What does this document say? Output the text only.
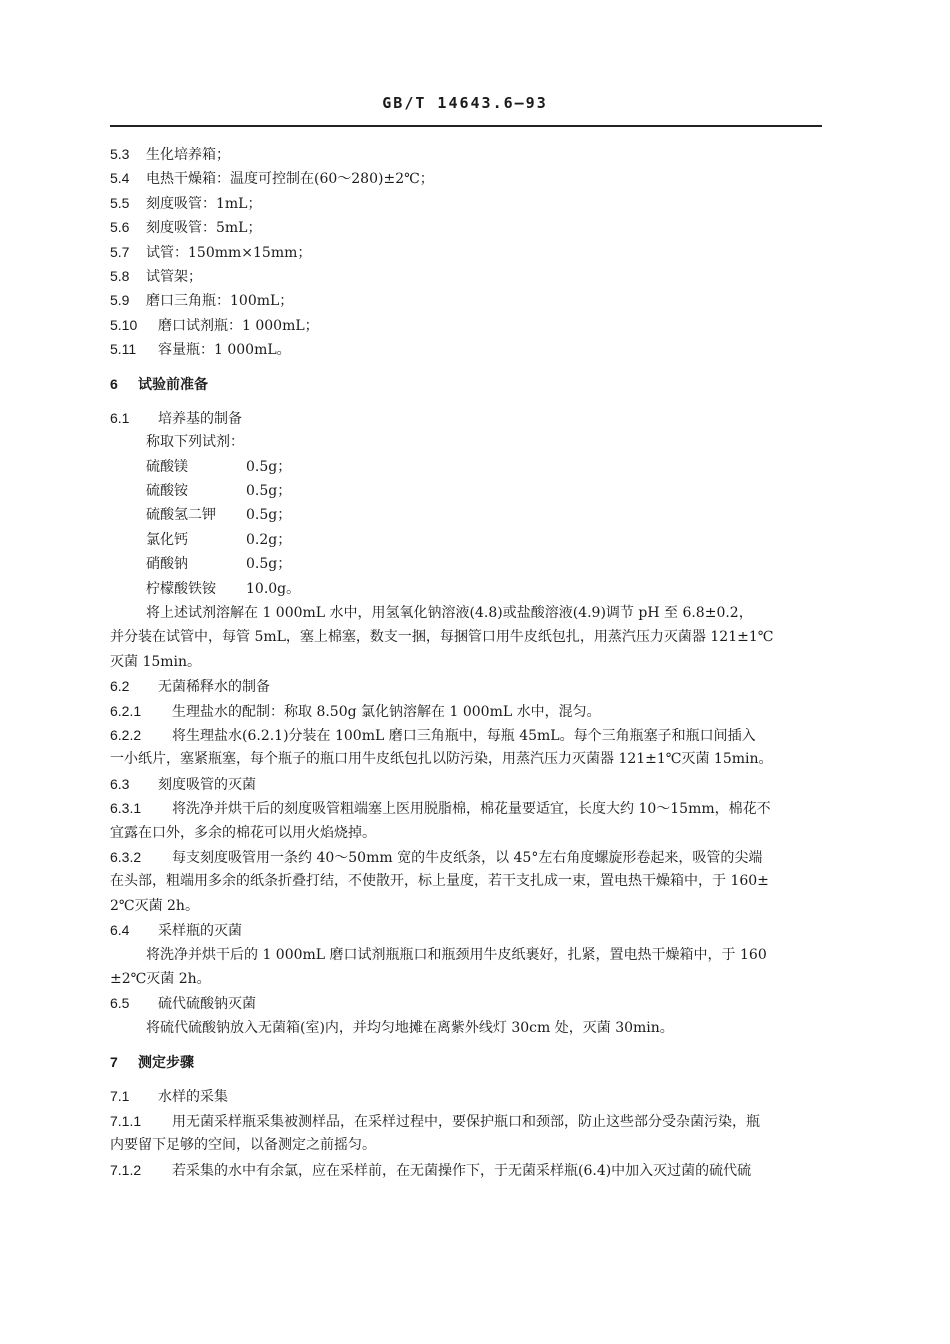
GB/T 14643.6—93
5.3 生化培养箱；
5.4 电热干燥箱：温度可控制在(60～280)±2℃；
5.5 刻度吸管：1mL；
5.6 刻度吸管：5mL；
5.7 试管：150mm×15mm；
5.8 试管架；
5.9 磨口三角瓶：100mL；
5.10 磨口试剂瓶：1 000mL；
5.11 容量瓶：1 000mL。
6 试验前准备
6.1 培养基的制备
称取下列试剂：
硫酸镁	0.5g；
硫酸铵	0.5g；
硫酸氢二钾 0.5g；
氯化钙	0.2g；
硝酸钠	0.5g；
柠檬酸铁铵 10.0g。
将上述试剂溶解在 1 000mL 水中，用氢氧化钠溶液(4.8)或盐酸溶液(4.9)调节 pH 至 6.8±0.2，
并分装在试管中，每管 5mL，塞上棉塞，数支一捆，每捆管口用牛皮纸包扎，用蒸汽压力灭菌器 121±1℃
灭菌 15min。
6.2 无菌稀释水的制备
6.2.1 生理盐水的配制：称取 8.50g 氯化钠溶解在 1 000mL 水中，混匀。
6.2.2 将生理盐水(6.2.1)分装在 100mL 磨口三角瓶中，每瓶 45mL。每个三角瓶塞子和瓶口间插入
一小纸片，塞紧瓶塞，每个瓶子的瓶口用牛皮纸包扎以防污染，用蒸汽压力灭菌器 121±1℃灭菌 15min。
6.3 刻度吸管的灭菌
6.3.1 将洗净并烘干后的刻度吸管粗端塞上医用脱脂棉，棉花量要适宜，长度大约 10～15mm，棉花不
宜露在口外，多余的棉花可以用火焰烧掉。
6.3.2 每支刻度吸管用一条约 40～50mm 宽的牛皮纸条，以 45°左右角度螺旋形卷起来，吸管的尖端
在头部，粗端用多余的纸条折叠打结，不使散开，标上量度，若干支扎成一束，置电热干燥箱中，于 160±
2℃灭菌 2h。
6.4 采样瓶的灭菌
将洗净并烘干后的 1 000mL 磨口试剂瓶瓶口和瓶颈用牛皮纸裹好，扎紧，置电热干燥箱中，于 160
±2℃灭菌 2h。
6.5 硫代硫酸钠灭菌
将硫代硫酸钠放入无菌箱(室)内，并均匀地摊在离紫外线灯 30cm 处，灭菌 30min。
7 测定步骤
7.1 水样的采集
7.1.1 用无菌采样瓶采集被测样品，在采样过程中，要保护瓶口和颈部，防止这些部分受杂菌污染，瓶
内要留下足够的空间，以备测定之前摇匀。
7.1.2 若采集的水中有余氯，应在采样前，在无菌操作下，于无菌采样瓶(6.4)中加入灭过菌的硫代硫
